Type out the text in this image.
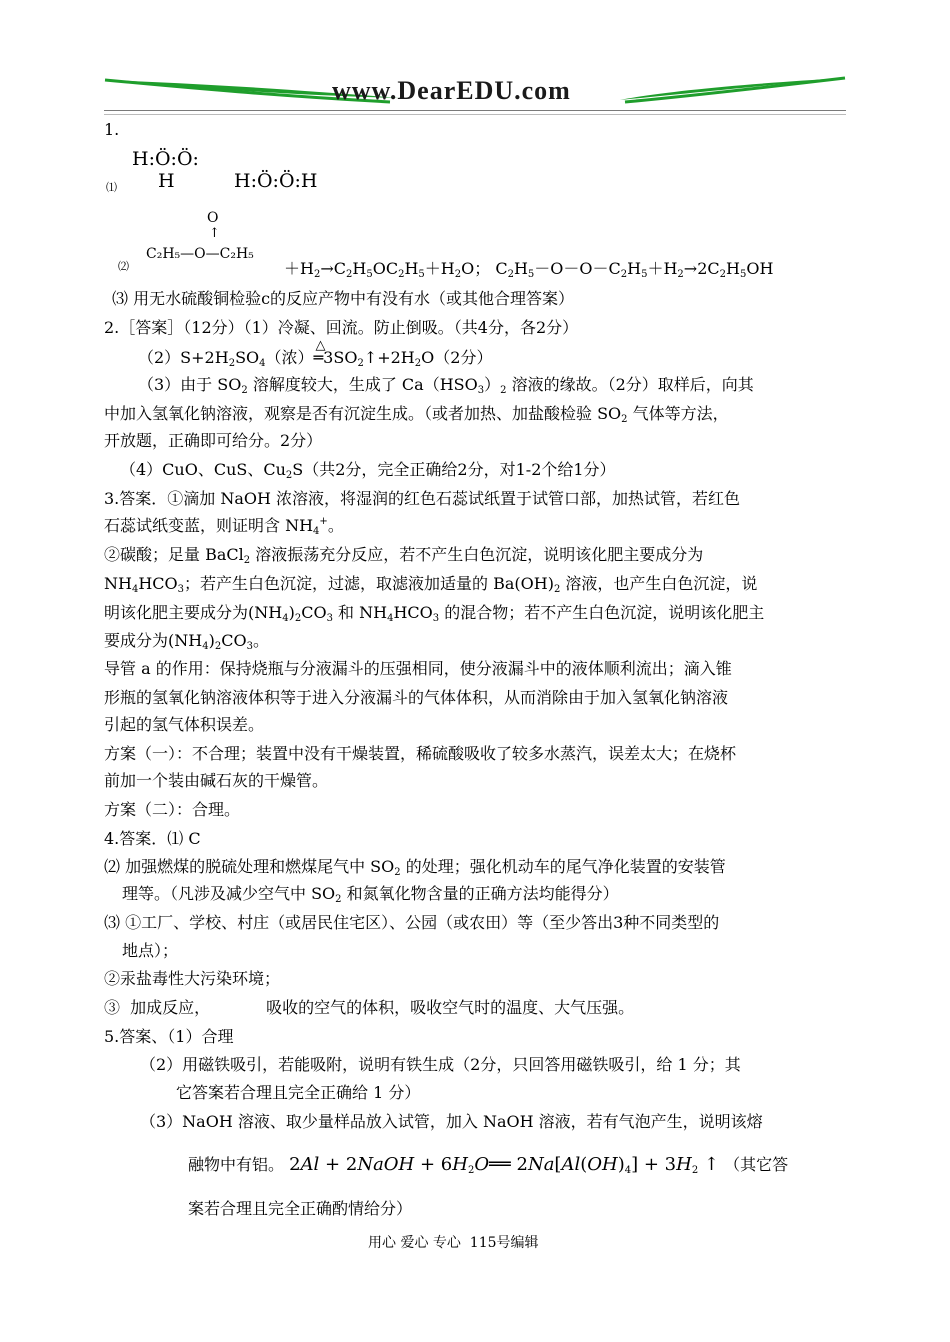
www.DearEDU.com
1.
⑴
H:Ö:Ö:
H	H:Ö:Ö:H
⑵
O
↑
C₂H₅—O—C₂H₅
$+H_2\to C_2H_5OC_2H_5+H_2O$； $C_2H_5-O-O-C_2H_5+H_2\to 2C_2H_5OH$
⑶ 用无水硫酸铜检验c的反应产物中有没有水（或其他合理答案）
2.［答案］（12分）（1）冷凝、回流。防止倒吸。（共4分，各2分）
$(2)S+2H_2SO_4$（浓）
△
$═3SO_2↑+2H_2O(2$分）
（3）由于 $SO_2$ 溶解度较大，生成了 $Ca(HSO_3)_2$ 溶液的缘故。（2分）取样后，向其
中加入氢氧化钠溶液，观察是否有沉淀生成。（或者加热、加盐酸检验 $SO_2$ 气体等方法，
开放题，正确即可给分。2分）
（4）CuO、CuS、$Cu_2S$（共2分，完全正确给2分，对1-2个给1分）
3.答案．①滴加 NaOH 浓溶液，将湿润的红色石蕊试纸置于试管口部，加热试管，若红色
石蕊试纸变蓝，则证明含 $NH_4^+$。
②碳酸；足量 BaCl$_2$ 溶液振荡充分反应，若不产生白色沉淀，说明该化肥主要成分为
$NH_4HCO_3$；若产生白色沉淀，过滤，取滤液加适量的 $Ba(OH)_2$ 溶液，也产生白色沉淀，说
明该化肥主要成分为$(NH_4)_2CO_3$ 和 $NH_4HCO_3$ 的混合物；若不产生白色沉淀，说明该化肥主
要成分为$(NH_4)_2CO_3$。
导管 a 的作用：保持烧瓶与分液漏斗的压强相同，使分液漏斗中的液体顺利流出；滴入锥
形瓶的氢氧化钠溶液体积等于进入分液漏斗的气体体积，从而消除由于加入氢氧化钠溶液
引起的氢气体积误差。
方案（一）：不合理；装置中没有干燥装置，稀硫酸吸收了较多水蒸汽，误差太大；在烧杯
前加一个装由碱石灰的干燥管。
方案（二）：合理。
4.答案．⑴ C
⑵ 加强燃煤的脱硫处理和燃煤尾气中 $SO_2$ 的处理；强化机动车的尾气净化装置的安装管
理等。（凡涉及减少空气中 $SO_2$ 和氮氧化物含量的正确方法均能得分）
⑶ ①工厂、学校、村庄（或居民住宅区）、公园（或农田）等（至少答出3种不同类型的
地点）；
②汞盐毒性大污染环境；
③  加成反应，           吸收的空气的体积，吸收空气时的温度、大气压强。
5.答案、（1）合理
（2）用磁铁吸引，若能吸附，说明有铁生成（2分，只回答用磁铁吸引，给 1 分；其
它答案若合理且完全正确给 1 分）
（3）NaOH 溶液、取少量样品放入试管，加入 NaOH 溶液，若有气泡产生，说明该熔
融物中有铝。 2Al + 2NaOH + $6H_2O══$ $2Na[Al(OH)_4] + 3H_2$ ↑ （其它答
案若合理且完全正确酌情给分）
用心 爱心 专心  115号编辑
